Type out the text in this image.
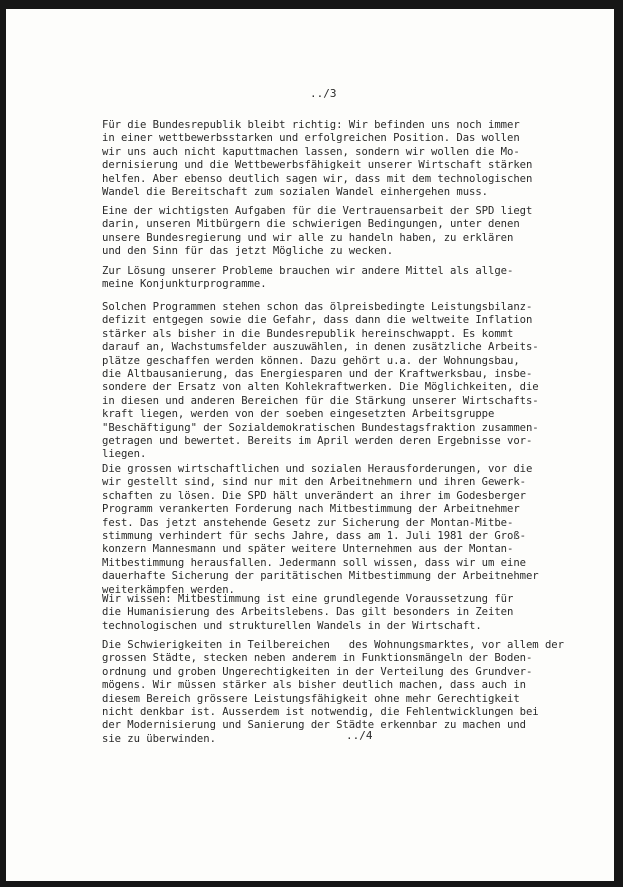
../3
Für die Bundesrepublik bleibt richtig: Wir befinden uns noch immer
in einer wettbewerbsstarken und erfolgreichen Position. Das wollen
wir uns auch nicht kaputtmachen lassen, sondern wir wollen die Mo-
dernisierung und die Wettbewerbsfähigkeit unserer Wirtschaft stärken
helfen. Aber ebenso deutlich sagen wir, dass mit dem technologischen
Wandel die Bereitschaft zum sozialen Wandel einhergehen muss.
Eine der wichtigsten Aufgaben für die Vertrauensarbeit der SPD liegt
darin, unseren Mitbürgern die schwierigen Bedingungen, unter denen
unsere Bundesregierung und wir alle zu handeln haben, zu erklären
und den Sinn für das jetzt Mögliche zu wecken.
Zur Lösung unserer Probleme brauchen wir andere Mittel als allge-
meine Konjunkturprogramme.
Solchen Programmen stehen schon das ölpreisbedingte Leistungsbilanz-
defizit entgegen sowie die Gefahr, dass dann die weltweite Inflation
stärker als bisher in die Bundesrepublik hereinschwappt. Es kommt
darauf an, Wachstumsfelder auszuwählen, in denen zusätzliche Arbeits-
plätze geschaffen werden können. Dazu gehört u.a. der Wohnungsbau,
die Altbausanierung, das Energiesparen und der Kraftwerksbau, insbe-
sondere der Ersatz von alten Kohlekraftwerken. Die Möglichkeiten, die
in diesen und anderen Bereichen für die Stärkung unserer Wirtschafts-
kraft liegen, werden von der soeben eingesetzten Arbeitsgruppe
"Beschäftigung" der Sozialdemokratischen Bundestagsfraktion zusammen-
getragen und bewertet. Bereits im April werden deren Ergebnisse vor-
liegen.
Die grossen wirtschaftlichen und sozialen Herausforderungen, vor die
wir gestellt sind, sind nur mit den Arbeitnehmern und ihren Gewerk-
schaften zu lösen. Die SPD hält unverändert an ihrer im Godesberger
Programm verankerten Forderung nach Mitbestimmung der Arbeitnehmer
fest. Das jetzt anstehende Gesetz zur Sicherung der Montan-Mitbe-
stimmung verhindert für sechs Jahre, dass am 1. Juli 1981 der Groß-
konzern Mannesmann und später weitere Unternehmen aus der Montan-
Mitbestimmung herausfallen. Jedermann soll wissen, dass wir um eine
dauerhafte Sicherung der paritätischen Mitbestimmung der Arbeitnehmer
weiterkämpfen werden.
Wir wissen: Mitbestimmung ist eine grundlegende Voraussetzung für
die Humanisierung des Arbeitslebens. Das gilt besonders in Zeiten
technologischen und strukturellen Wandels in der Wirtschaft.
Die Schwierigkeiten in Teilbereichen   des Wohnungsmarktes, vor allem der
grossen Städte, stecken neben anderem in Funktionsmängeln der Boden-
ordnung und groben Ungerechtigkeiten in der Verteilung des Grundver-
mögens. Wir müssen stärker als bisher deutlich machen, dass auch in
diesem Bereich grössere Leistungsfähigkeit ohne mehr Gerechtigkeit
nicht denkbar ist. Ausserdem ist notwendig, die Fehlentwicklungen bei
der Modernisierung und Sanierung der Städte erkennbar zu machen und
sie zu überwinden.	../4
